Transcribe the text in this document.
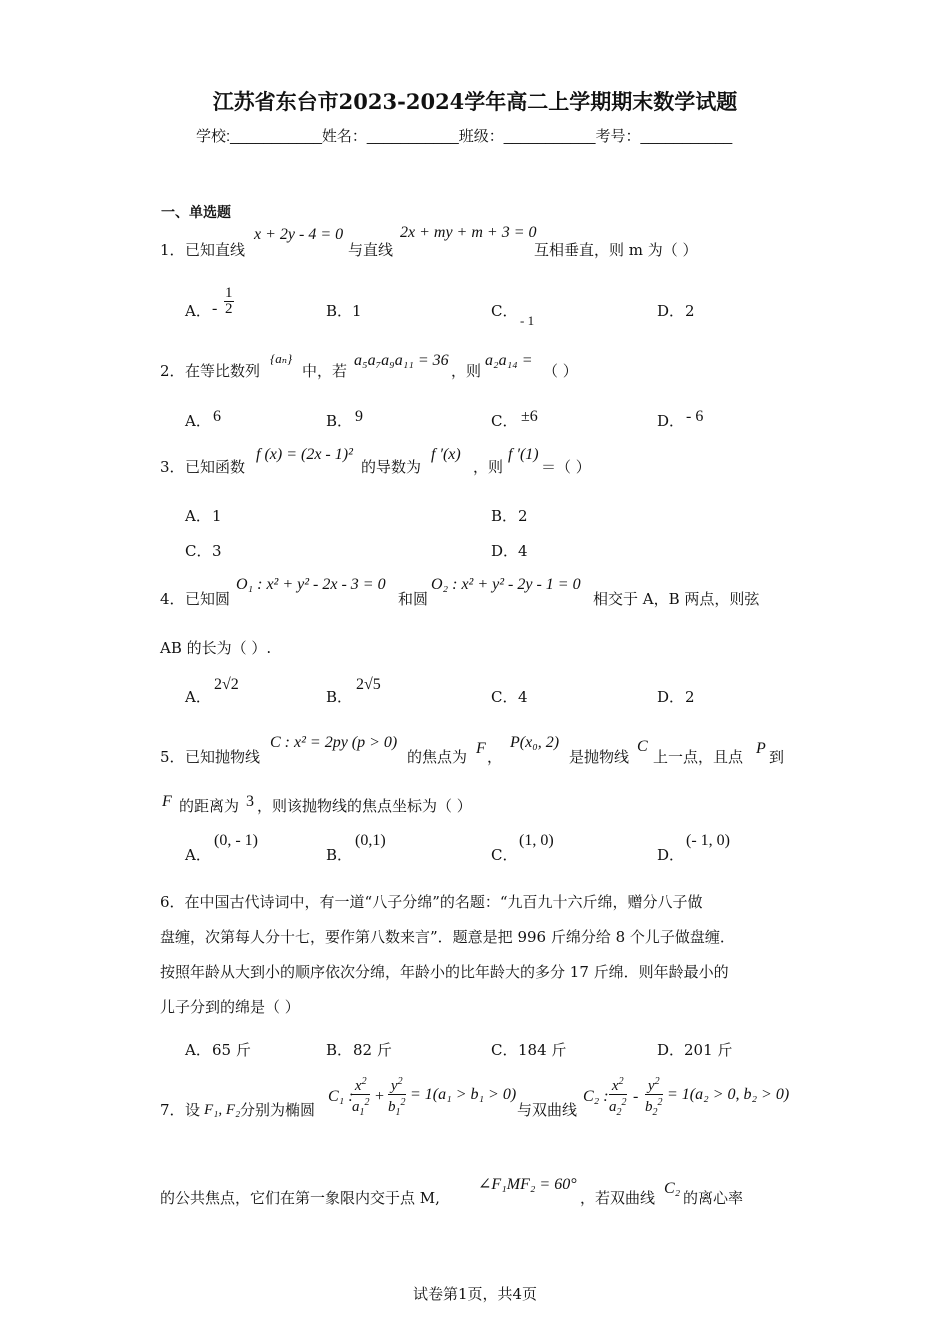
江苏省东台市2023-2024学年高二上学期期末数学试题
学校:___________姓名：___________班级：___________考号：___________
一、单选题
1． 已知直线
x + 2y - 4 = 0
与直线
2x + my + m + 3 = 0
互相垂直，则 m 为（ ）
A． - $\frac{1}{2}$	B． 1	C．
- 1
D． 2
2． 在等比数列
{aₙ}
中，若
a₅a₇a₉a₁₁ = 36
，则
a₂a₁₄ =
（ ）
A． 6	B． 9	C． ±6	D． - 6
3． 已知函数
f (x) = (2x - 1)²
的导数为
f ′(x)
，则
f ′(1)
＝（ ）
A． 1	B． 2
C． 3	D． 4
4． 已知圆
O₁ : x² + y² - 2x - 3 = 0
和圆
O₂ : x² + y² - 2y - 1 = 0
相交于 A，B 两点，则弦
AB 的长为（ ）.
A．
2√2
B．
2√5
C． 4	D． 2
5． 已知抛物线
C : x² = 2py (p > 0)
的焦点为 F ，
P(x₀, 2)
是抛物线
C
上一点，且点 P 到
F 的距离为 3 ，则该抛物线的焦点坐标为（ ）
A．
(0, - 1)
B．
(0,1)
C．
(1, 0)
D．
(- 1, 0)
6．在中国古代诗词中，有一道“八子分绵”的名题：“九百九十六斤绵，赠分八子做
盘缠，次第每人分十七，要作第八数来言”．题意是把 996 斤绵分给 8 个儿子做盘缠．
按照年龄从大到小的顺序依次分绵，年龄小的比年龄大的多分 17 斤绵．则年龄最小的
儿子分到的绵是（ ）
A． 65 斤	B． 82 斤	C． 184 斤	D． 201 斤
7． 设 F₁, F₂ 分别为椭圆
C₁ :
$\frac{x^2}{a_1^2} + \frac{y^2}{b_1^2} = 1(a_1 > b_1 > 0)$
与双曲线
C₂ : $\frac{x^2}{a_2^2} - \frac{y^2}{b_2^2} = 1(a_2 > 0$, b₂ > 0)
的公共焦点，它们在第一象限内交于点 M,
∠F₁MF₂ = 60°
，若双曲线
C₂
的离心率
试卷第1页，共4页
